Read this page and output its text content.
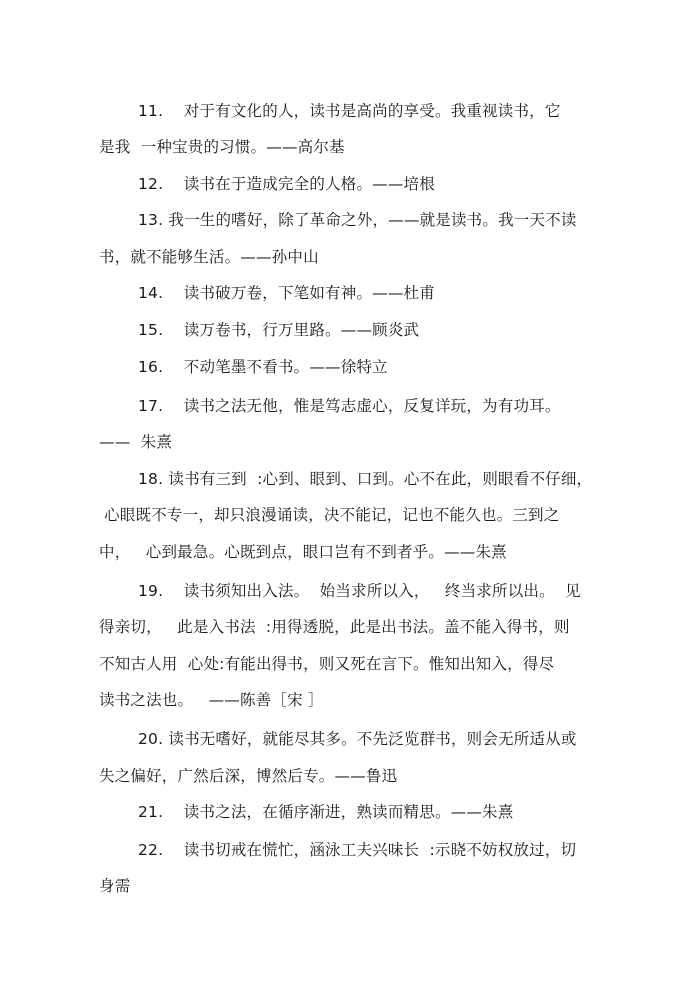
11.    对于有文化的人，读书是高尚的享受。我重视读书，它
是我  一种宝贵的习惯。——高尔基
12.    读书在于造成完全的人格。——培根
13. 我一生的嗜好，除了革命之外，——就是读书。我一天不读
书，就不能够生活。——孙中山
14.    读书破万卷，下笔如有神。——杜甫
15.    读万卷书，行万里路。——顾炎武
16.    不动笔墨不看书。——徐特立
17.    读书之法无他，惟是笃志虚心，反复详玩，为有功耳。
——  朱熹
18. 读书有三到  :心到、眼到、口到。心不在此，则眼看不仔细，
心眼既不专一，却只浪漫诵读，决不能记，记也不能久也。三到之
中，   心到最急。心既到点，眼口岂有不到者乎。——朱熹
19.    读书须知出入法。  始当求所以入，   终当求所以出。  见
得亲切，   此是入书法  :用得透脱，此是出书法。盖不能入得书，则
不知古人用  心处:有能出得书，则又死在言下。惟知出知入，得尽
读书之法也。   ——陈善［宋 ］
20. 读书无嗜好，就能尽其多。不先泛览群书，则会无所适从或
失之偏好，广然后深，博然后专。——鲁迅
21.    读书之法，在循序渐进，熟读而精思。——朱熹
22.    读书切戒在慌忙，涵泳工夫兴味长  :示晓不妨权放过，切
身需
